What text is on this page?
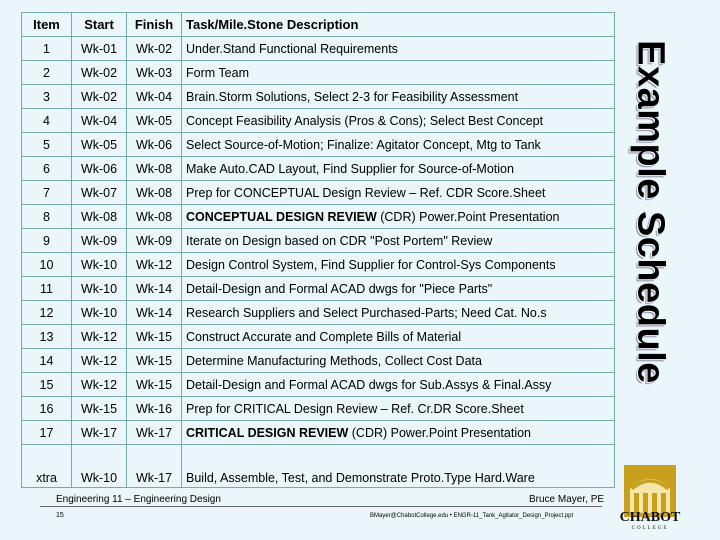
Item	Start	Finish	Task/Mile.Stone Description
1	Wk-01	Wk-02	Under.Stand Functional Requirements
2	Wk-02	Wk-03	Form Team
3	Wk-02	Wk-04	Brain.Storm Solutions, Select 2-3 for Feasibility Assessment
4	Wk-04	Wk-05	Concept Feasibility Analysis (Pros & Cons); Select Best Concept
5	Wk-05	Wk-06	Select Source-of-Motion; Finalize: Agitator Concept, Mtg to Tank
6	Wk-06	Wk-08	Make Auto.CAD Layout, Find Supplier for Source-of-Motion
7	Wk-07	Wk-08	Prep for CONCEPTUAL Design Review – Ref. CDR Score.Sheet
8	Wk-08	Wk-08	CONCEPTUAL DESIGN REVIEW (CDR) Power.Point Presentation
9	Wk-09	Wk-09	Iterate on Design based on CDR "Post Portem" Review
10	Wk-10	Wk-12	Design Control System, Find Supplier for Control-Sys Components
11	Wk-10	Wk-14	Detail-Design and Formal ACAD dwgs for "Piece Parts"
12	Wk-10	Wk-14	Research Suppliers and Select Purchased-Parts; Need Cat. No.s
13	Wk-12	Wk-15	Construct Accurate and Complete Bills of Material
14	Wk-12	Wk-15	Determine Manufacturing Methods, Collect Cost Data
15	Wk-12	Wk-15	Detail-Design and Formal ACAD dwgs for Sub.Assys & Final.Assy
16	Wk-15	Wk-16	Prep for CRITICAL Design Review – Ref. Cr.DR Score.Sheet
17	Wk-17	Wk-17	CRITICAL DESIGN REVIEW (CDR) Power.Point Presentation
xtra	Wk-10	Wk-17	Build, Assemble, Test, and Demonstrate Proto.Type Hard.Ware
Example Schedule
Engineering 11 – Engineering Design	Bruce Mayer, PE
15	BMayer@ChabotCollege.edu • ENGR-11_Tank_Agitator_Design_Project.ppt	CHABOT
COLLEGE
